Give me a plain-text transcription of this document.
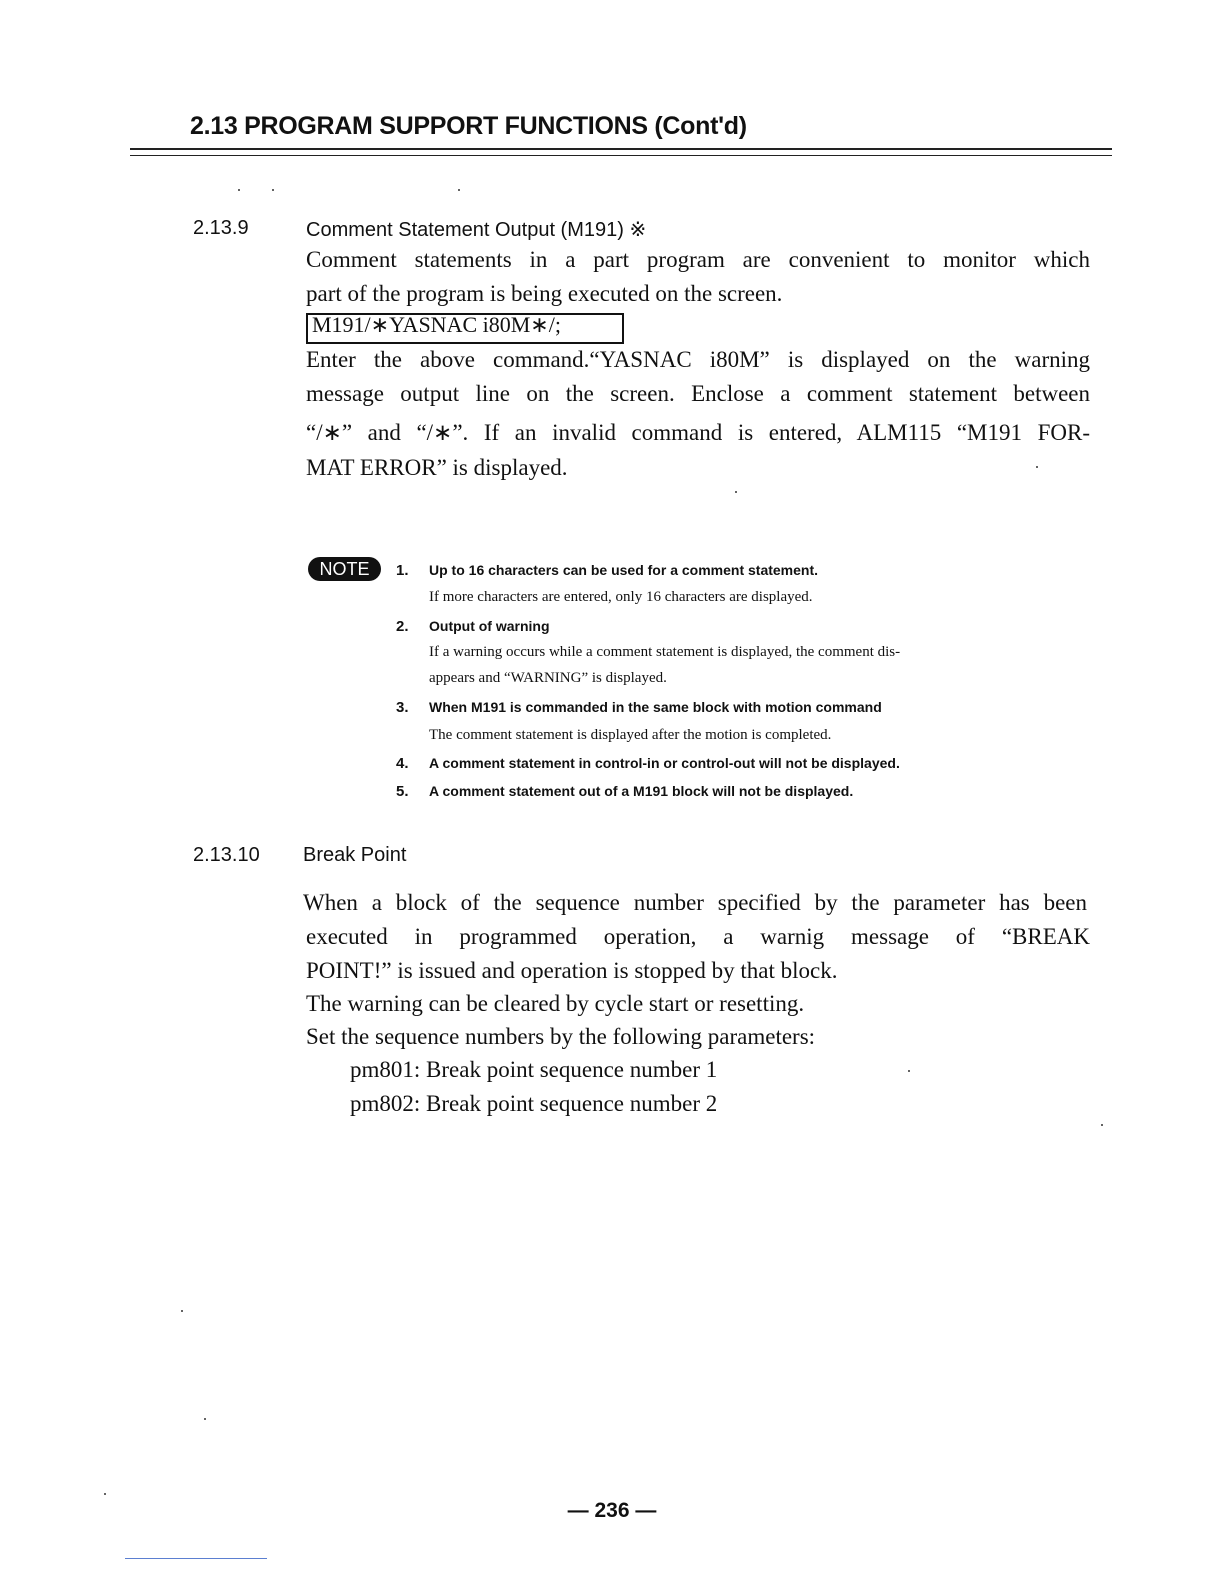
2.13 PROGRAM SUPPORT FUNCTIONS (Cont'd)
2.13.9	Comment Statement Output (M191) ※
Comment statements in a part program are convenient to monitor which
part of the program is being executed on the screen.
M191/∗YASNAC i80M∗/;
Enter the above command.“YASNAC i80M” is displayed on the warning
message output line on the screen. Enclose a comment statement between
“/∗” and “/∗”. If an invalid command is entered, ALM115 “M191 FOR-
MAT ERROR” is displayed.
NOTE	1. Up to 16 characters can be used for a comment statement.
If more characters are entered, only 16 characters are displayed.
2. Output of warning
If a warning occurs while a comment statement is displayed, the comment dis-
appears and “WARNING” is displayed.
3. When M191 is commanded in the same block with motion command
The comment statement is displayed after the motion is completed.
4. A comment statement in control-in or control-out will not be displayed.
5. A comment statement out of a M191 block will not be displayed.
2.13.10 Break Point
When a block of the sequence number specified by the parameter has been
executed in programmed operation, a warnig message of “BREAK
POINT!” is issued and operation is stopped by that block.
The warning can be cleared by cycle start or resetting.
Set the sequence numbers by the following parameters:
pm801: Break point sequence number 1
pm802: Break point sequence number 2
— 236 —
